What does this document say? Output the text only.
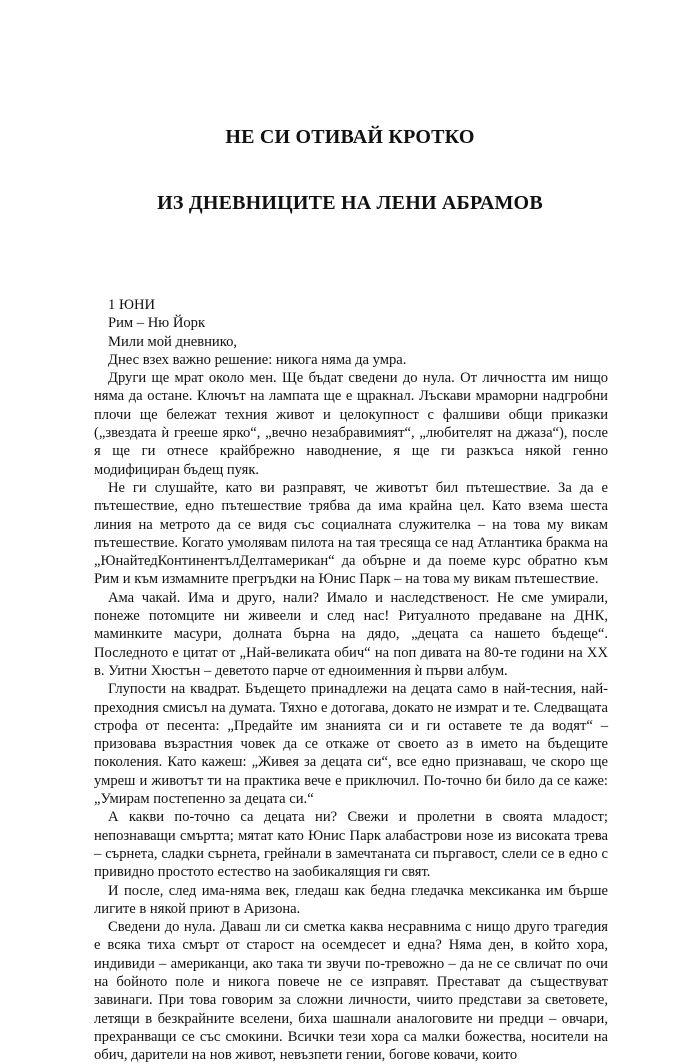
НЕ СИ ОТИВАЙ КРОТКО
ИЗ ДНЕВНИЦИТЕ НА ЛЕНИ АБРАМОВ

1 ЮНИ

Рим – Ню Йорк

Мили мой дневнико,

Днес взех важно решение: никога няма да умра.

Други ще мрат около мен. Ще бъдат сведени до нула. От личността им нищо няма да остане. Ключът на лампата ще е щракнал. Лъскави мраморни надгробни плочи ще бележат техния живот и целокупност с фалшиви общи приказки („звездата ѝ грееше ярко“, „вечно незабравимият“, „любителят на джаза“), после я ще ги отнесе крайбрежно наводнение, я ще ги разкъса някой генно модифициран бъдещ пуяк.

Не ги слушайте, като ви разправят, че животът бил пътешествие. За да е пътешествие, едно пътешествие трябва да има крайна цел. Като взема шеста линия на метрото да се видя със социалната служителка – на това му викам пътешествие. Когато умолявам пилота на тая тресяща се над Атлантика бракма на „ЮнайтедКонтинентълДелтамерикан“ да обърне и да поеме курс обратно към Рим и към измамните прегръдки на Юнис Парк – на това му викам пътешествие.

Ама чакай. Има и друго, нали? Имало и наследственост. Не сме умирали, понеже потомците ни живеели и след нас! Ритуалното предаване на ДНК, маминките масури, долната бърна на дядо, „децата са нашето бъдеще“. Последното е цитат от „Най-великата обич“ на поп дивата на 80-те години на XX в. Уитни Хюстън – деветото парче от едноименния ѝ първи албум.

Глупости на квадрат. Бъдещето принадлежи на децата само в най-тесния, най-преходния смисъл на думата. Тяхно е дотогава, докато не измрат и те. Следващата строфа от песента: „Предайте им знанията си и ги оставете те да водят“ – призовава възрастния човек да се откаже от своето аз в името на бъдещите поколения. Като кажеш: „Живея за децата си“, все едно признаваш, че скоро ще умреш и животът ти на практика вече е приключил. По-точно би било да се каже: „Умирам постепенно за децата си.“

А какви по-точно са децата ни? Свежи и пролетни в своята младост; непознаващи смъртта; мятат като Юнис Парк алабастрови нозе из високата трева – сърнета, сладки сърнета, грейнали в замечтаната си пъргавост, слели се в едно с привидно простото естество на заобикалящия ги свят.

И после, след има-няма век, гледаш как бедна гледачка мексиканка им бърше лигите в някой приют в Аризона.

Сведени до нула. Даваш ли си сметка каква несравнима с нищо друго трагедия е всяка тиха смърт от старост на осемдесет и една? Няма ден, в който хора, индивиди – американци, ако така ти звучи по-тревожно – да не се свличат по очи на бойното поле и никога повече не се изправят. Престават да съществуват завинаги. При това говорим за сложни личности, чиито представи за световете, летящи в безкрайните вселени, биха шашнали аналоговите ни предци – овчари, прехранващи се със смокини. Всички тези хора са малки божества, носители на обич, дарители на нов живот, невъзпети гении, богове ковачи, които
